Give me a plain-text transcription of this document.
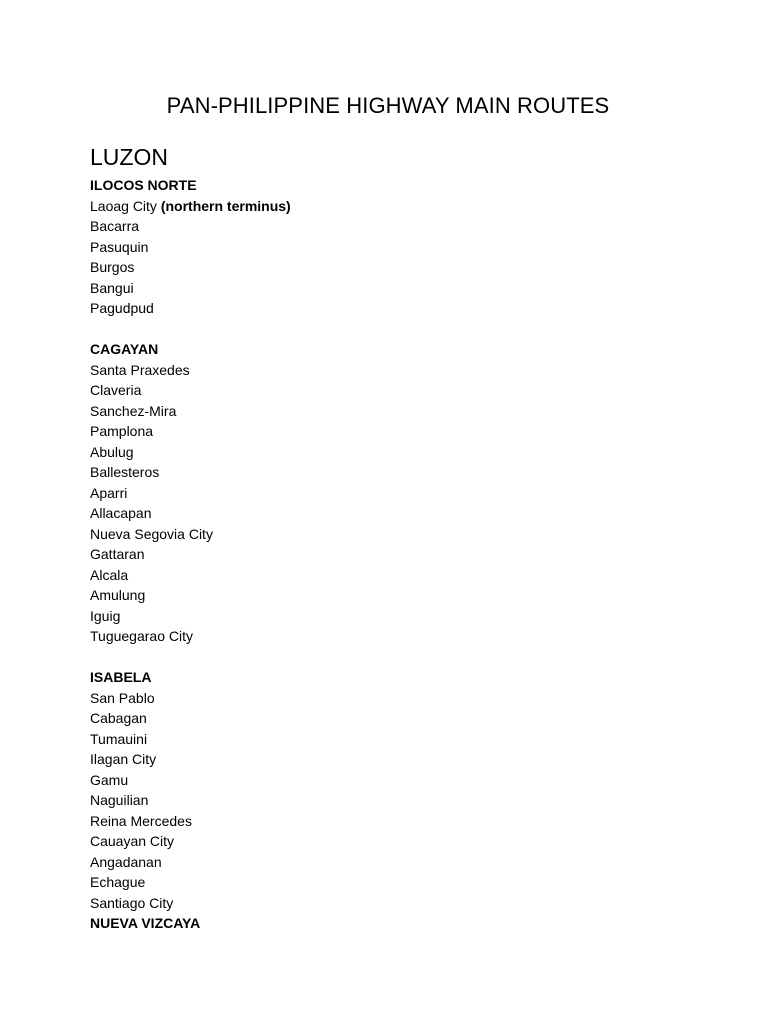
PAN-PHILIPPINE HIGHWAY MAIN ROUTES
LUZON
ILOCOS NORTE
Laoag City (northern terminus)
Bacarra
Pasuquin
Burgos
Bangui
Pagudpud
CAGAYAN
Santa Praxedes
Claveria
Sanchez-Mira
Pamplona
Abulug
Ballesteros
Aparri
Allacapan
Nueva Segovia City
Gattaran
Alcala
Amulung
Iguig
Tuguegarao City
ISABELA
San Pablo
Cabagan
Tumauini
Ilagan City
Gamu
Naguilian
Reina Mercedes
Cauayan City
Angadanan
Echague
Santiago City
NUEVA VIZCAYA
